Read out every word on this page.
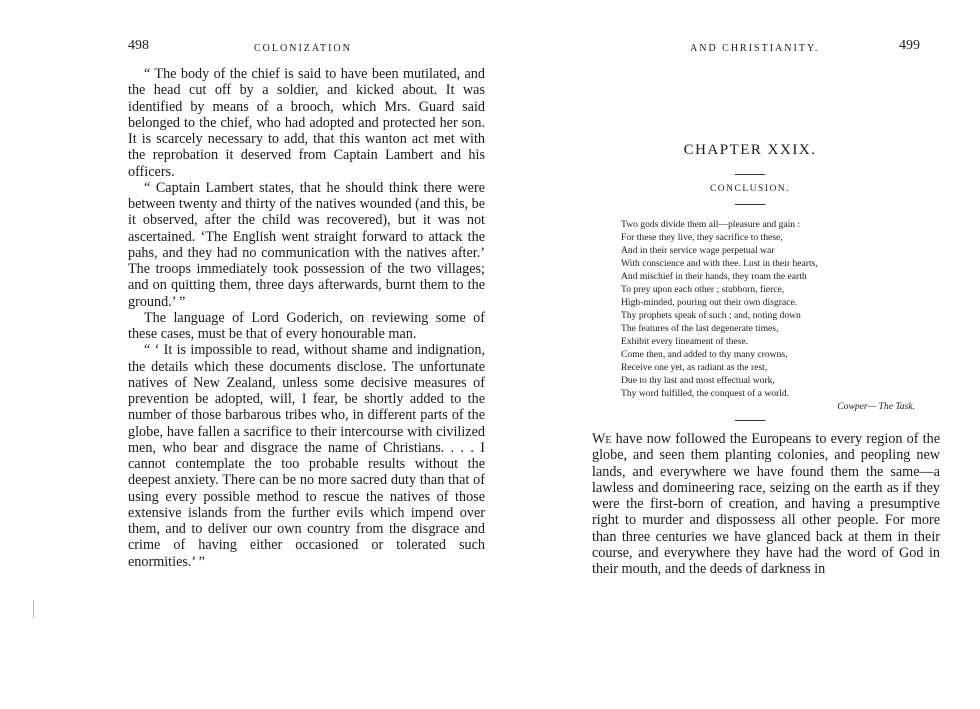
498	COLONIZATION

“ The body of the chief is said to have been mutilated, and the head cut off by a soldier, and kicked about. It was identified by means of a brooch, which Mrs. Guard said belonged to the chief, who had adopted and protected her son. It is scarcely necessary to add, that this wanton act met with the reprobation it deserved from Captain Lambert and his officers.

“ Captain Lambert states, that he should think there were between twenty and thirty of the natives wounded (and this, be it observed, after the child was recovered), but it was not ascertained. ‘The English went straight forward to attack the pahs, and they had no communication with the natives after.’ The troops immediately took possession of the two villages; and on quitting them, three days afterwards, burnt them to the ground.’ ”

The language of Lord Goderich, on reviewing some of these cases, must be that of every honourable man.

“ ‘ It is impossible to read, without shame and indignation, the details which these documents disclose. The unfortunate natives of New Zealand, unless some decisive measures of prevention be adopted, will, I fear, be shortly added to the number of those barbarous tribes who, in different parts of the globe, have fallen a sacrifice to their intercourse with civilized men, who bear and disgrace the name of Christians. . . . I cannot contemplate the too probable results without the deepest anxiety. There can be no more sacred duty than that of using every possible method to rescue the natives of those extensive islands from the further evils which impend over them, and to deliver our own country from the disgrace and crime of having either occasioned or tolerated such enormities.’ ”

AND CHRISTIANITY.	499
CHAPTER XXIX.
CONCLUSION.
Two gods divide them all—pleasure and gain :
For these they live, they sacrifice to these,
And in their service wage perpetual war
With conscience and with thee. Lust in their hearts,
And mischief in their hands, they roam the earth
To prey upon each other ; stubborn, fierce,
High-minded, pouring out their own disgrace.
Thy prophets speak of such ; and, noting down
The features of the last degenerate times,
Exhibit every lineament of these.
Come then, and added to thy many crowns,
Receive one yet, as radiant as the rest,
Due to thy last and most effectual work,
Thy word fulfilled, the conquest of a world.
Cowper— The Task.

We have now followed the Europeans to every region of the globe, and seen them planting colonies, and peopling new lands, and everywhere we have found them the same—a lawless and domineering race, seizing on the earth as if they were the first-born of creation, and having a presumptive right to murder and dispossess all other people. For more than three centuries we have glanced back at them in their course, and everywhere they have had the word of God in their mouth, and the deeds of darkness in
